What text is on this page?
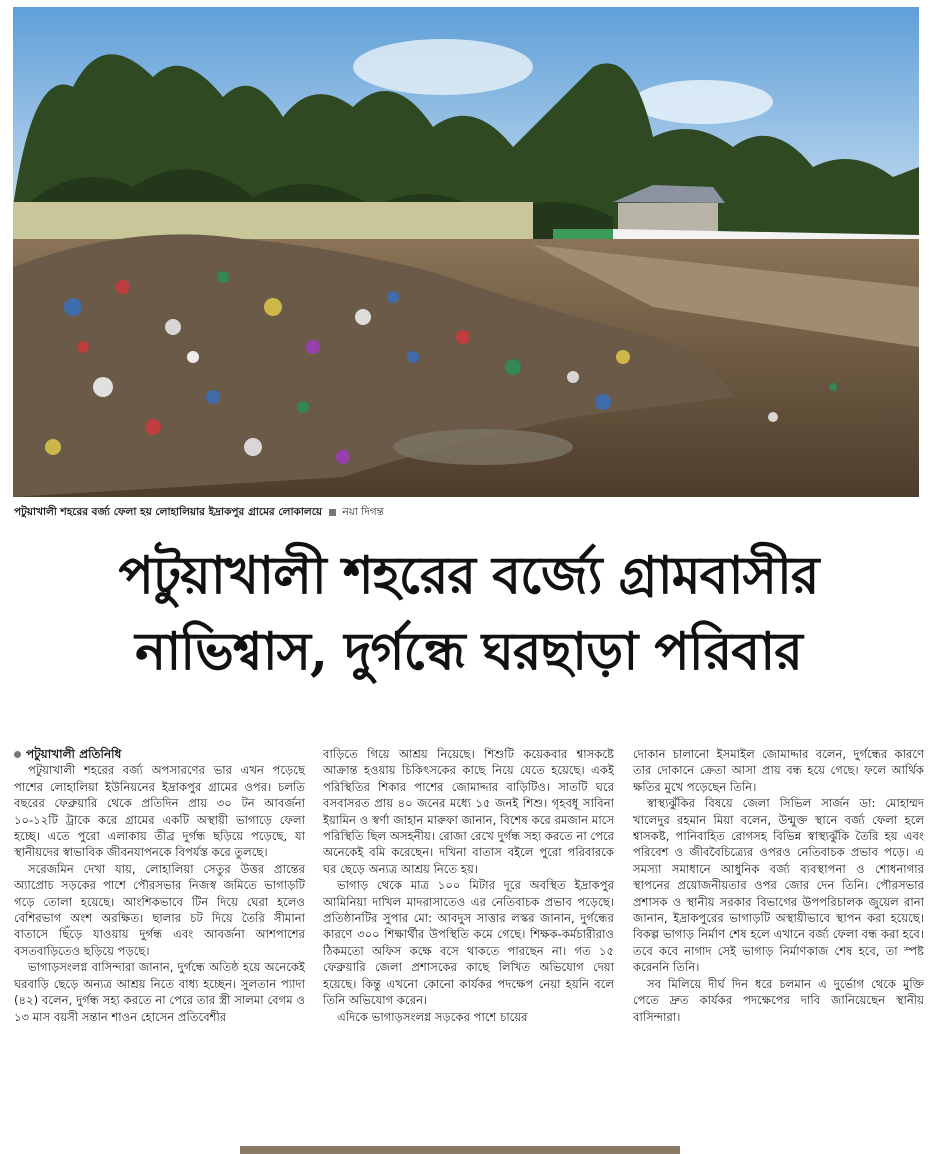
পটুয়াখালী শহরের বর্জ্য ফেলা হয় লোহালিয়ার ইদ্রাকপুর গ্রামের লোকালয়ে নয়া দিগন্ত
পটুয়াখালী শহরের বর্জ্যে গ্রামবাসীর
নাভিশ্বাস, দুর্গন্ধে ঘরছাড়া পরিবার

পটুয়াখালী প্রতিনিধি

পটুয়াখালী শহরের বর্জ্য অপসারণের ভার এখন পড়েছে পাশের লোহালিয়া ইউনিয়নের ইদ্রাকপুর গ্রামের ওপর। চলতি বছরের ফেব্রুয়ারি থেকে প্রতিদিন প্রায় ৩০ টন আবর্জনা ১০-১২টি ট্রাকে করে গ্রামের একটি অস্থায়ী ভাগাড়ে ফেলা হচ্ছে। এতে পুরো এলাকায় তীব্র দুর্গন্ধ ছড়িয়ে পড়েছে, যা স্থানীয়দের স্বাভাবিক জীবনযাপনকে বিপর্যস্ত করে তুলছে।

সরেজমিন দেখা যায়, লোহালিয়া সেতুর উত্তর প্রান্তের অ্যাপ্রোচ সড়কের পাশে পৌরসভার নিজস্ব জমিতে ভাগাড়টি গড়ে তোলা হয়েছে। আংশিকভাবে টিন দিয়ে ঘেরা হলেও বেশিরভাগ অংশ অরক্ষিত। ছালার চট দিয়ে তৈরি সীমানা বাতাসে ছিঁড়ে যাওয়ায় দুর্গন্ধ এবং আবর্জনা আশপাশের বসতবাড়িতেও ছড়িয়ে পড়ছে।

ভাগাড়সংলগ্ন বাসিন্দারা জানান, দুর্গন্ধে অতিষ্ঠ হয়ে অনেকেই ঘরবাড়ি ছেড়ে অন্যত্র আশ্রয় নিতে বাধ্য হচ্ছেন। সুলতান প্যাদা (৪২) বলেন, দুর্গন্ধ সহ্য করতে না পেরে তার স্ত্রী সালমা বেগম ও ১৩ মাস বয়সী সন্তান শাওন হোসেন প্রতিবেশীর

বাড়িতে গিয়ে আশ্রয় নিয়েছে। শিশুটি কয়েকবার শ্বাসকষ্টে আক্রান্ত হওয়ায় চিকিৎসকের কাছে নিয়ে যেতে হয়েছে। একই পরিস্থিতির শিকার পাশের জোমাদ্দার বাড়িটিও। সাতটি ঘরে বসবাসরত প্রায় ৪০ জনের মধ্যে ১৫ জনই শিশু। গৃহবধূ সাবিনা ইয়ামিন ও স্বর্ণা জাহান মারুফা জানান, বিশেষ করে রমজান মাসে পরিস্থিতি ছিল অসহনীয়। রোজা রেখে দুর্গন্ধ সহ্য করতে না পেরে অনেকেই বমি করেছেন। দখিনা বাতাস বইলে পুরো পরিবারকে ঘর ছেড়ে অন্যত্র আশ্রয় নিতে হয়।

ভাগাড় থেকে মাত্র ১০০ মিটার দূরে অবস্থিত ইদ্রাকপুর আমিনিয়া দাখিল মাদরাসাতেও এর নেতিবাচক প্রভাব পড়েছে। প্রতিষ্ঠানটির সুপার মো: আবদুস সাত্তার লস্কর জানান, দুর্গন্ধের কারণে ৩০০ শিক্ষার্থীর উপস্থিতি কমে গেছে। শিক্ষক-কর্মচারীরাও ঠিকমতো অফিস কক্ষে বসে থাকতে পারছেন না। গত ১৫ ফেব্রুয়ারি জেলা প্রশাসকের কাছে লিখিত অভিযোগ দেয়া হয়েছে। কিন্তু এখনো কোনো কার্যকর পদক্ষেপ নেয়া হয়নি বলে তিনি অভিযোগ করেন।

এদিকে ভাগাড়সংলগ্ন সড়কের পাশে চায়ের

দোকান চালানো ইসমাইল জোমাদ্দার বলেন, দুর্গন্ধের কারণে তার দোকানে ক্রেতা আসা প্রায় বন্ধ হয়ে গেছে। ফলে আর্থিক ক্ষতির মুখে পড়েছেন তিনি।

স্বাস্থ্যঝুঁকির বিষয়ে জেলা সিভিল সার্জন ডা: মোহাম্মদ খালেদুর রহমান মিয়া বলেন, উন্মুক্ত স্থানে বর্জ্য ফেলা হলে শ্বাসকষ্ট, পানিবাহিত রোগসহ বিভিন্ন স্বাস্থ্যঝুঁকি তৈরি হয় এবং পরিবেশ ও জীববৈচিত্র্যের ওপরও নেতিবাচক প্রভাব পড়ে। এ সমস্যা সমাধানে আধুনিক বর্জ্য ব্যবস্থাপনা ও শোধনাগার স্থাপনের প্রয়োজনীয়তার ওপর জোর দেন তিনি। পৌরসভার প্রশাসক ও স্থানীয় সরকার বিভাগের উপপরিচালক জুয়েল রানা জানান, ইদ্রাকপুরের ভাগাড়টি অস্থায়ীভাবে স্থাপন করা হয়েছে। বিকল্প ভাগাড় নির্মাণ শেষ হলে এখানে বর্জ্য ফেলা বন্ধ করা হবে। তবে কবে নাগাদ সেই ভাগাড় নির্মাণকাজ শেষ হবে, তা স্পষ্ট করেননি তিনি।

সব মিলিয়ে দীর্ঘ দিন ধরে চলমান এ দুর্ভোগ থেকে মুক্তি পেতে দ্রুত কার্যকর পদক্ষেপের দাবি জানিয়েছেন স্থানীয় বাসিন্দারা।
